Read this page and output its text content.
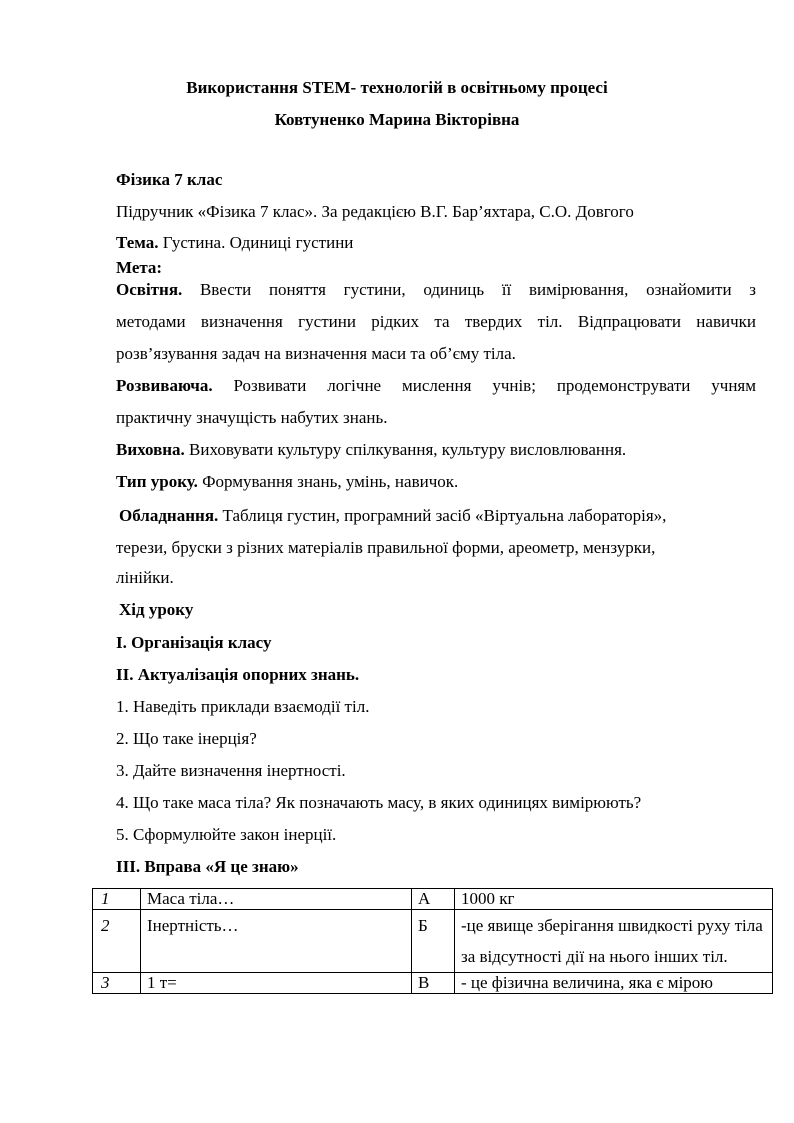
Використання STEM- технологій в освітньому процесі
Ковтуненко Марина Вікторівна
Фізика 7 клас
Підручник «Фізика 7 клас». За редакцією В.Г. Бар’яхтара, С.О. Довгого
Тема. Густина. Одиниці густини
Мета:
Освітня. Ввести поняття густини, одиниць її вимірювання, ознайомити з
методами визначення густини рідких та твердих тіл. Відпрацювати навички
розв’язування задач на визначення маси та об’єму тіла.
Розвиваюча. Розвивати логічне мислення учнів; продемонструвати учням
практичну значущість набутих знань.
Виховна. Виховувати культуру спілкування, культуру висловлювання.
Тип уроку. Формування знань, умінь, навичок.
Обладнання. Таблиця густин, програмний засіб «Віртуальна лабораторія»,
терези, бруски з різних матеріалів правильної форми, ареометр, мензурки,
лінійки.
Хід уроку
І. Організація класу
ІІ. Актуалізація опорних знань.
1. Наведіть приклади взаємодії тіл.
2. Що таке інерція?
3. Дайте визначення інертності.
4. Що таке маса тіла? Як позначають масу, в яких одиницях вимірюють?
5. Сформулюйте закон інерції.
ІІІ. Вправа «Я це знаю»
1	Маса тіла…	А	1000 кг
2	Інертність…	Б	-це явище зберігання швидкості руху тіла за відсутності дії на нього інших тіл.
3	1 т=	В	- це фізична величина, яка є мірою
